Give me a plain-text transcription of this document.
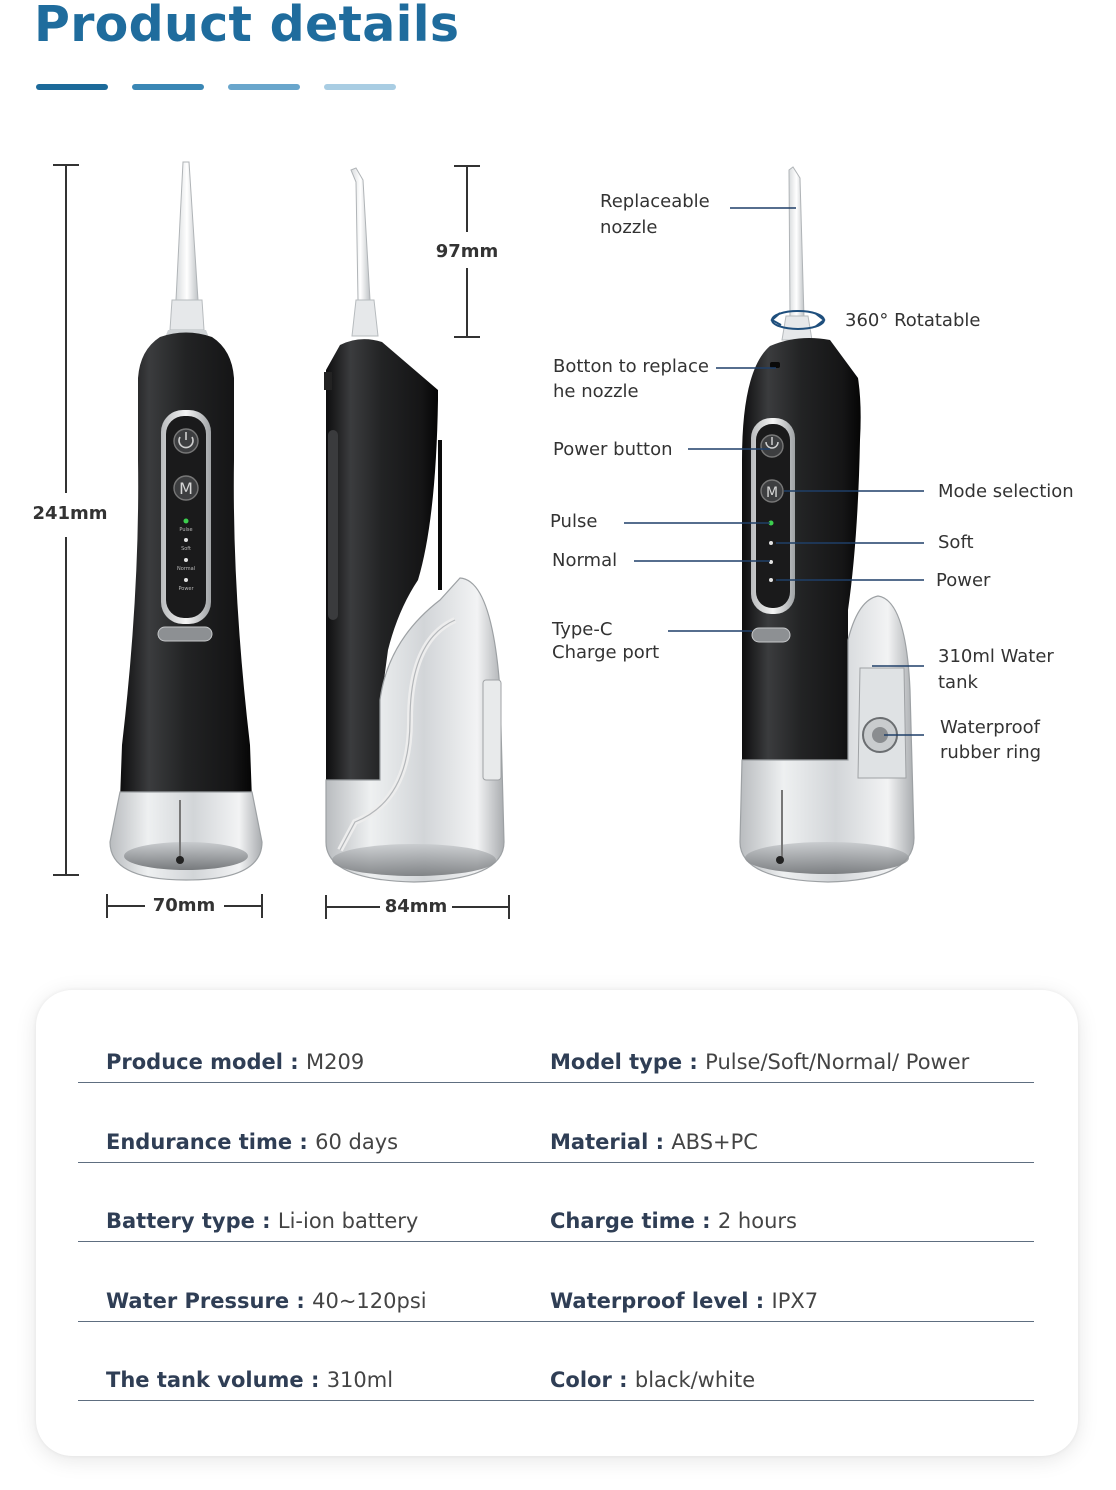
Product details
241mm
97mm
70mm	84mm
M
Pulse
Soft
Normal
Power
M
Replaceable
nozzle
360° Rotatable
Botton to replace
he nozzle
Power button
Pulse
Normal
Type-C
Charge port
Mode selection
Soft
Power
310ml Water
tank
Waterproof
rubber ring
Produce model : M209	Model type : Pulse/Soft/Normal/ Power
Endurance time : 60 days	Material : ABS+PC
Battery type : Li-ion battery	Charge time : 2 hours
Water Pressure : 40~120psi	Waterproof level : IPX7
The tank volume : 310ml	Color : black/white
